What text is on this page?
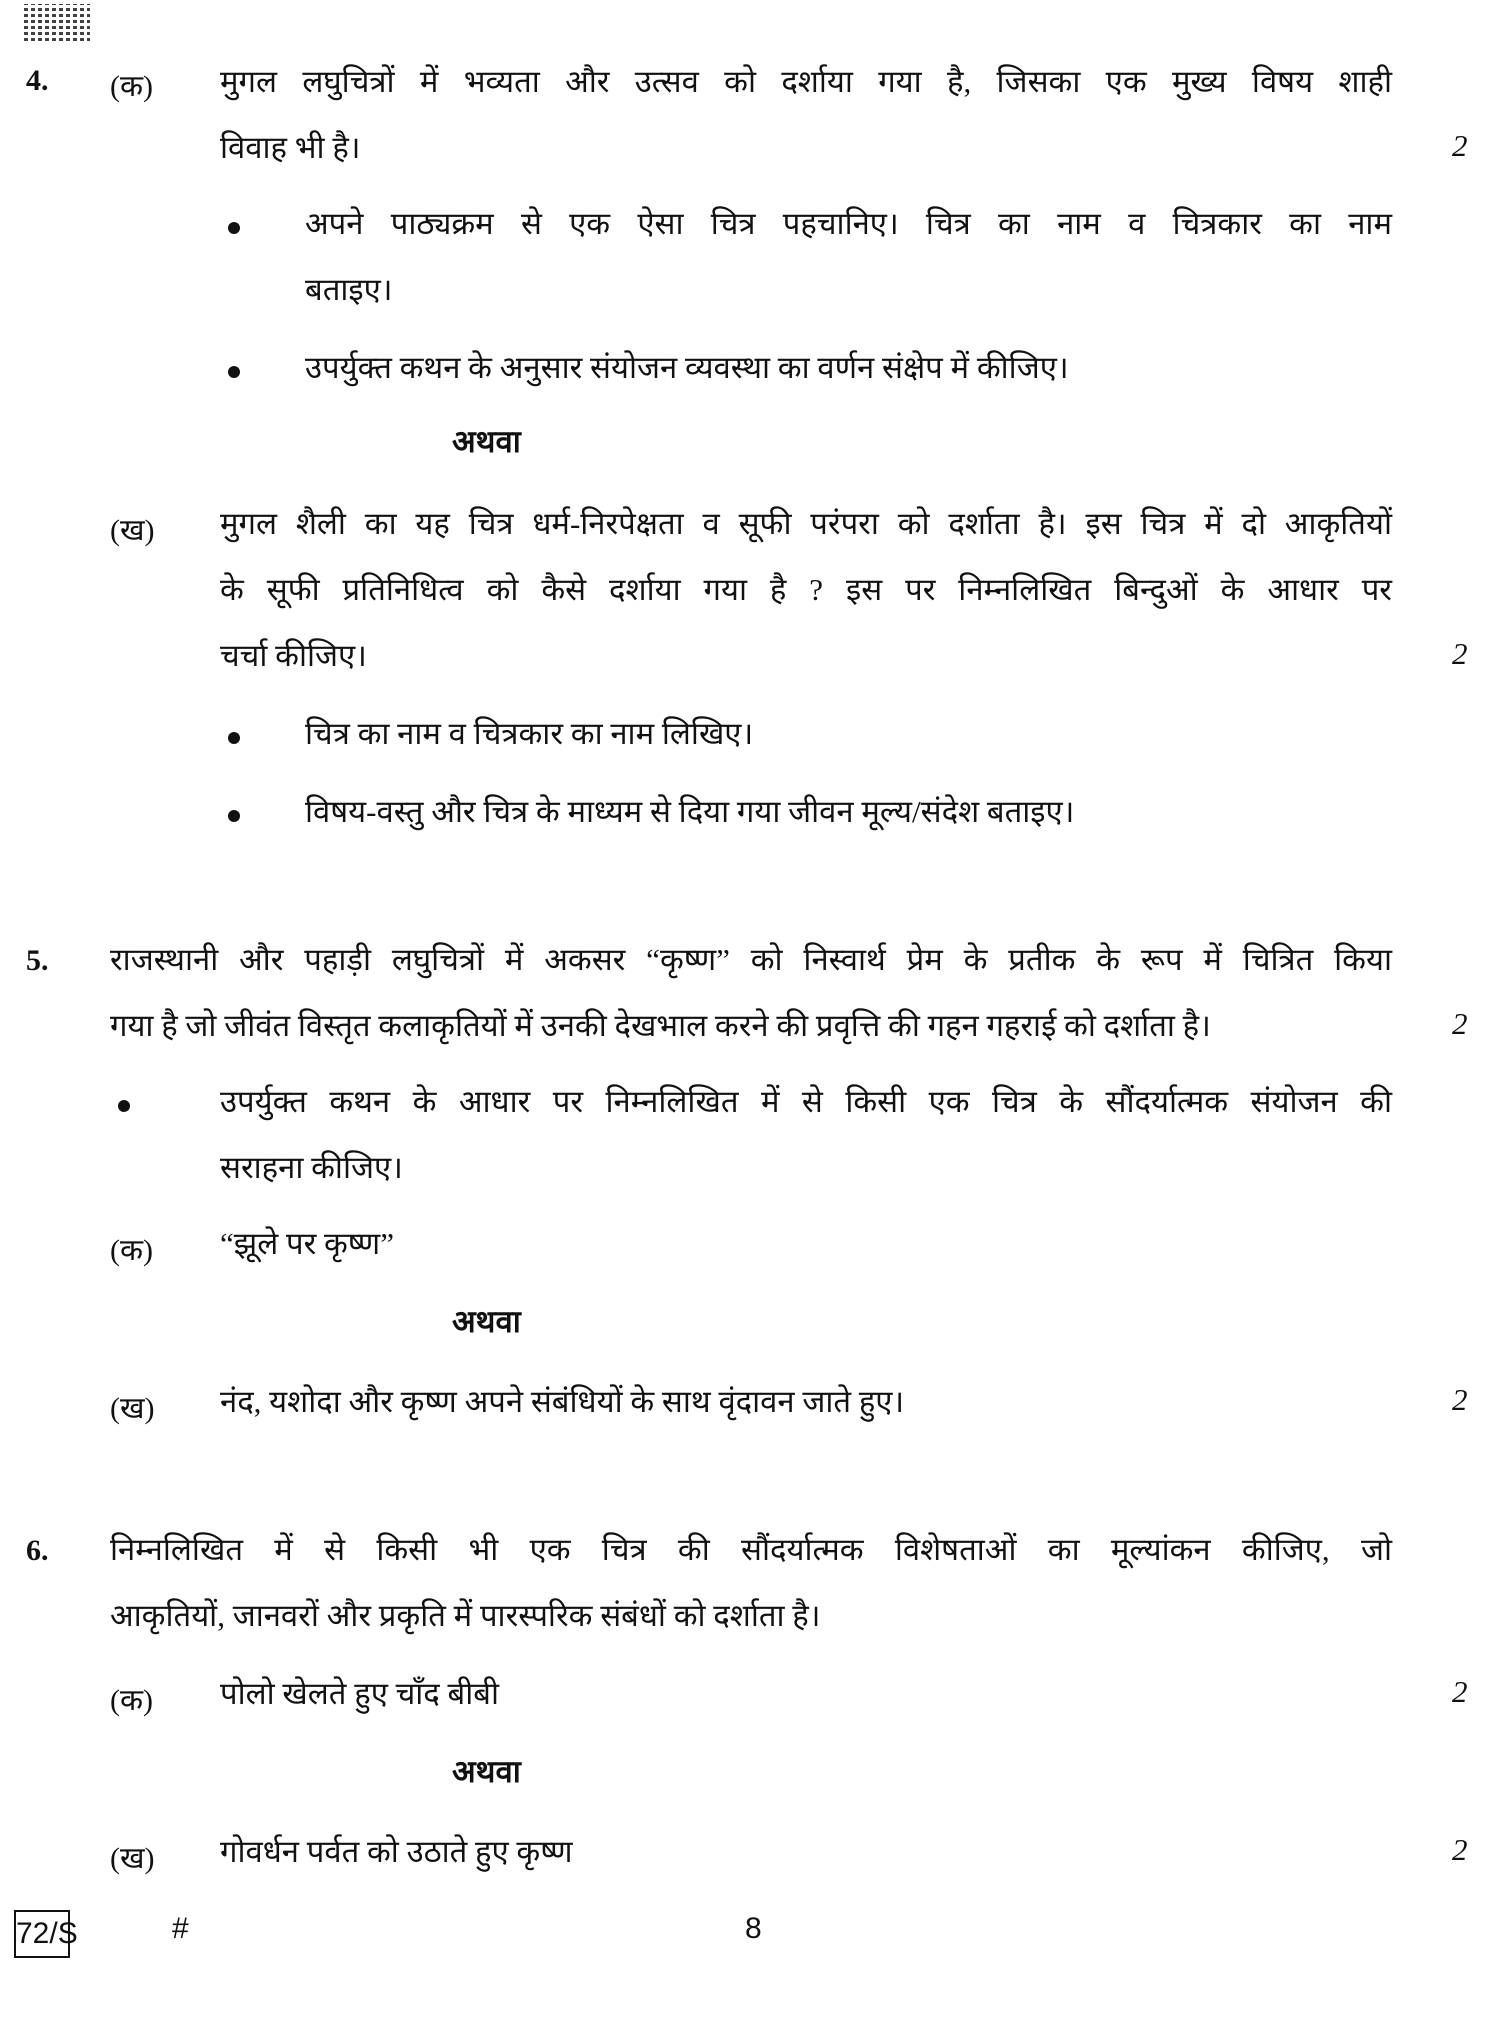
4. (क) मुगल लघुचित्रों में भव्यता और उत्सव को दर्शाया गया है, जिसका एक मुख्य विषय शाही
विवाह भी है।	2
अपने पाठ्यक्रम से एक ऐसा चित्र पहचानिए। चित्र का नाम व चित्रकार का नाम
बताइए।
उपर्युक्त कथन के अनुसार संयोजन व्यवस्था का वर्णन संक्षेप में कीजिए।
अथवा
(ख) मुगल शैली का यह चित्र धर्म-निरपेक्षता व सूफी परंपरा को दर्शाता है। इस चित्र में दो आकृतियों
के सूफी प्रतिनिधित्व को कैसे दर्शाया गया है ? इस पर निम्नलिखित बिन्दुओं के आधार पर
चर्चा कीजिए।	2
चित्र का नाम व चित्रकार का नाम लिखिए।
विषय-वस्तु और चित्र के माध्यम से दिया गया जीवन मूल्य/संदेश बताइए।
5. राजस्थानी और पहाड़ी लघुचित्रों में अकसर “कृष्ण” को निस्वार्थ प्रेम के प्रतीक के रूप में चित्रित किया
गया है जो जीवंत विस्तृत कलाकृतियों में उनकी देखभाल करने की प्रवृत्ति की गहन गहराई को दर्शाता है।	2
उपर्युक्त कथन के आधार पर निम्नलिखित में से किसी एक चित्र के सौंदर्यात्मक संयोजन की
सराहना कीजिए।
(क) “झूले पर कृष्ण”
अथवा
(ख) नंद, यशोदा और कृष्ण अपने संबंधियों के साथ वृंदावन जाते हुए।	2
6. निम्नलिखित में से किसी भी एक चित्र की सौंदर्यात्मक विशेषताओं का मूल्यांकन कीजिए, जो
आकृतियों, जानवरों और प्रकृति में पारस्परिक संबंधों को दर्शाता है।
(क) पोलो खेलते हुए चाँद बीबी	2
अथवा
(ख) गोवर्धन पर्वत को उठाते हुए कृष्ण	2
72/S	#	8
